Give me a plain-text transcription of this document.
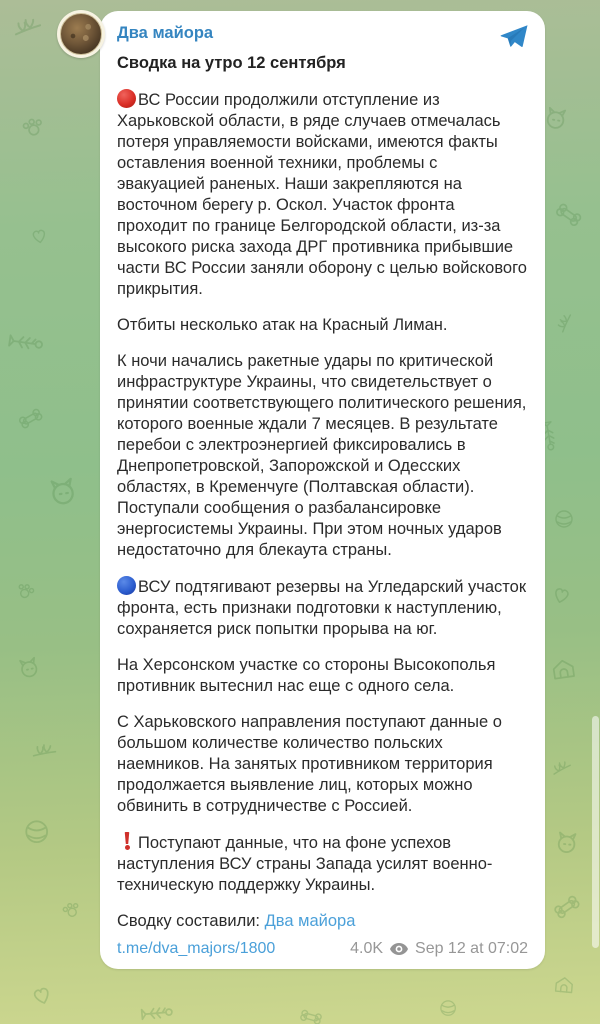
Два майора
Сводка на утро 12 сентября

ВС России продолжили отступление из Харьковской области, в ряде случаев отмечалась потеря управляемости войсками, имеются факты оставления военной техники, проблемы с эвакуацией раненых. Наши закрепляются на восточном берегу р. Оскол. Участок фронта проходит по границе Белгородской области, из-за высокого риска захода ДРГ противника прибывшие части ВС России заняли оборону с целью войскового прикрытия.

Отбиты несколько атак на Красный Лиман.

К ночи начались ракетные удары по критической инфраструктуре Украины, что свидетельствует о принятии соответствующего политического решения, которого военные ждали 7 месяцев. В результате перебои с электроэнергией фиксировались в Днепропетровской, Запорожской и Одесских областях, в Кременчуге (Полтавская области). Поступали сообщения о разбалансировке энергосистемы Украины. При этом ночных ударов недостаточно для блекаута страны.

ВСУ подтягивают резервы на Угледарский участок фронта, есть признаки подготовки к наступлению, сохраняется риск попытки прорыва на юг.

На Херсонском участке со стороны Высокополья противник вытеснил нас еще с одного села.

С Харьковского направления поступают данные о большом количестве количество польских наемников. На занятых противником территория продолжается выявление лиц, которых можно обвинить в сотрудничестве с Россией.

Поступают данные, что на фоне успехов наступления ВСУ страны Запада усилят военно-техническую поддержку Украины.

Сводку составили: Два майора

t.me/dva_majors/1800	4.0K Sep 12 at 07:02
